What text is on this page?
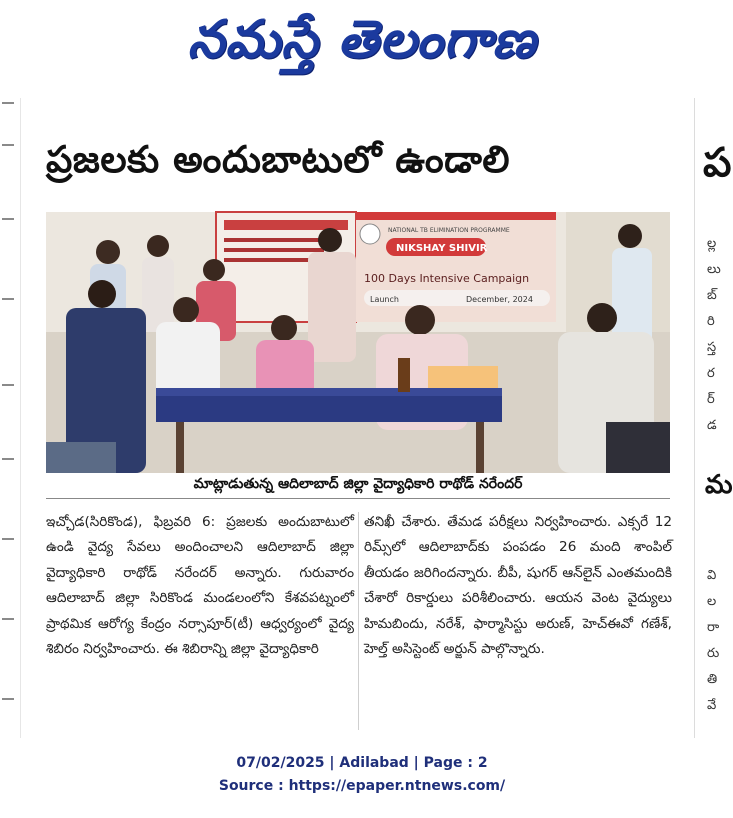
నమస్తే తెలంగాణ
ప
ల్ల
లు
బ్
రి
స్త
ర
ర్
డ
మ
వి
ల
రా
రు
తి
వే
ప్రజలకు అందుబాటులో ఉండాలి
NATIONAL TB ELIMINATION PROGRAMME
NIKSHAY SHIVIR
100 Days Intensive Campaign
Launch	December, 2024
మాట్లాడుతున్న ఆదిలాబాద్ జిల్లా వైద్యాధికారి రాథోడ్ నరేందర్
ఇచ్చోడ(సిరికొండ), ఫిబ్రవరి 6: ప్రజలకు అందుబాటులో ఉండి వైద్య సేవలు అందించాలని ఆదిలాబాద్ జిల్లా వైద్యాధికారి రాథోడ్ నరేందర్ అన్నారు. గురువారం ఆదిలాబాద్ జిల్లా సిరికొండ మండలంలోని కేశవపట్నంలో ప్రాథమిక ఆరోగ్య కేంద్రం నర్సాపూర్(టీ) ఆధ్వర్యంలో వైద్య శిబిరం నిర్వహించారు. ఈ శిబిరాన్ని జిల్లా వైద్యాధికారి
తనిఖీ చేశారు. తేమడ పరీక్షలు నిర్వహించారు. ఎక్సరే 12 రిమ్స్‌లో ఆదిలాబాద్‌కు పంపడం 26 మంది శాంపిల్ తీయడం జరిగిందన్నారు. బీపీ, షుగర్ ఆన్‌లైన్ ఎంతమందికి చేశారో రికార్డులు పరిశీలించారు. ఆయన వెంట వైద్యులు హిమబిందు, నరేశ్, ఫార్మాసిస్టు అరుణ్, హెచ్ఈవో గణేశ్, హెల్త్ అసిస్టెంట్ అర్జున్ పాల్గొన్నారు.
07/02/2025 | Adilabad | Page : 2
Source : https://epaper.ntnews.com/
